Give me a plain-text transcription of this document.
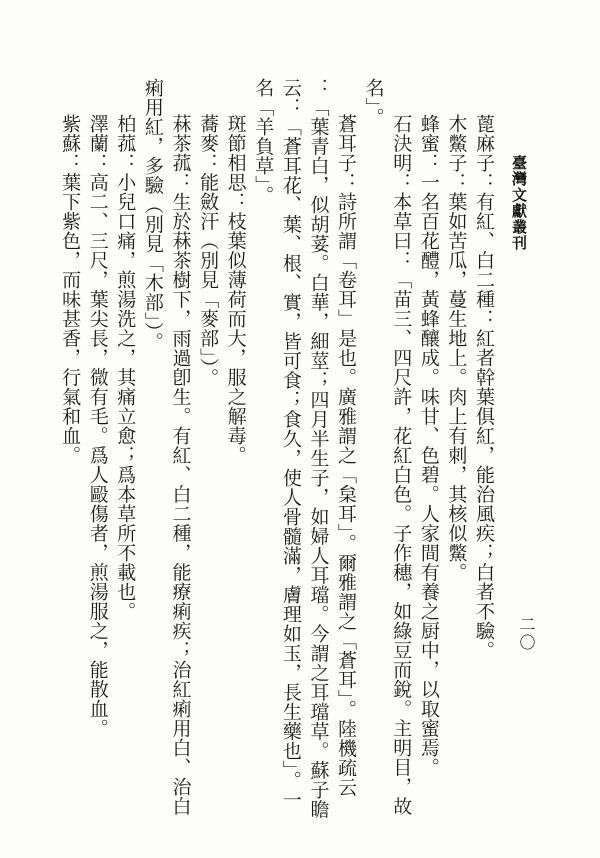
臺灣文獻叢刊
二〇
蓖麻子：有紅、白二種：紅者幹葉俱紅，能治風疾；白者不驗。
木鱉子：葉如苦瓜，蔓生地上。肉上有刺，其核似鱉。
蜂蜜：一名百花醴，黃蜂釀成。味甘、色碧。人家間有養之厨中，以取蜜焉。
石決明：本草曰：「苗三、四尺許，花紅白色。子作穗，如綠豆而銳。主明目，故
名」。
蒼耳子：詩所謂「卷耳」是也。廣雅謂之「枲耳」。爾雅謂之「蒼耳」。陸機疏云
：「葉青白，似胡荽。白華，細莖；四月半生子，如婦人耳璫。今謂之耳璫草。蘇子瞻
云：「蒼耳花、葉、根、實，皆可食；食久，使人骨髓滿，膚理如玉，長生藥也」。一
名「羊負草」。
斑節相思：枝葉似薄荷而大，服之解毒。
蕎麥：能斂汗（別見「麥部」）。
菻茶菰：生於菻茶樹下，雨過卽生。有紅、白二種，能療痢疾；治紅痢用白、治白
痢用紅，多驗（別見「木部」）。
柏菰：小兒口痛，煎湯洗之，其痛立愈；爲本草所不載也。
澤蘭：高二、三尺，葉尖長，微有毛。爲人毆傷者，煎湯服之，能散血。
紫蘇：葉下紫色，而味甚香，行氣和血。
